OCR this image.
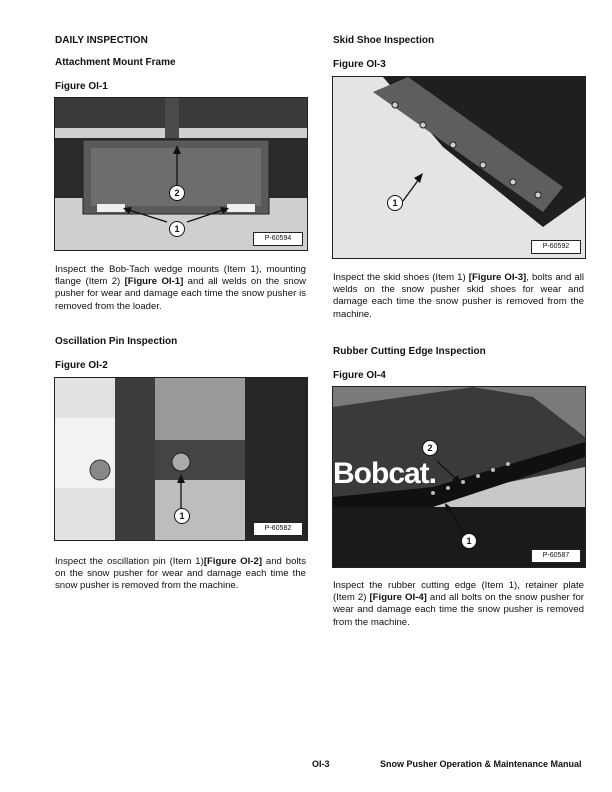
DAILY INSPECTION
Attachment Mount Frame
Figure OI-1
2
1
P-60594
Inspect the Bob-Tach wedge mounts (Item 1), mounting flange (Item 2) [Figure OI-1] and all welds on the snow pusher for wear and damage each time the snow pusher is removed from the loader.
Oscillation Pin Inspection
Figure OI-2
1
P-60582
Inspect the oscillation pin (Item 1)[Figure OI-2] and bolts on the snow pusher for wear and damage each time the snow pusher is removed from the machine.
Skid Shoe Inspection
Figure OI-3
1
P-60592
Inspect the skid shoes (Item 1) [Figure OI-3], bolts and all welds on the snow pusher skid shoes for wear and damage each time the snow pusher is removed from the machine.
Rubber Cutting Edge Inspection
Figure OI-4
Bobcat.
2
1
P-60587
Inspect the rubber cutting edge (Item 1), retainer plate (Item 2) [Figure OI-4] and all bolts on the snow pusher for wear and damage each time the snow pusher is removed from the machine.
OI-3	Snow Pusher Operation & Maintenance Manual
